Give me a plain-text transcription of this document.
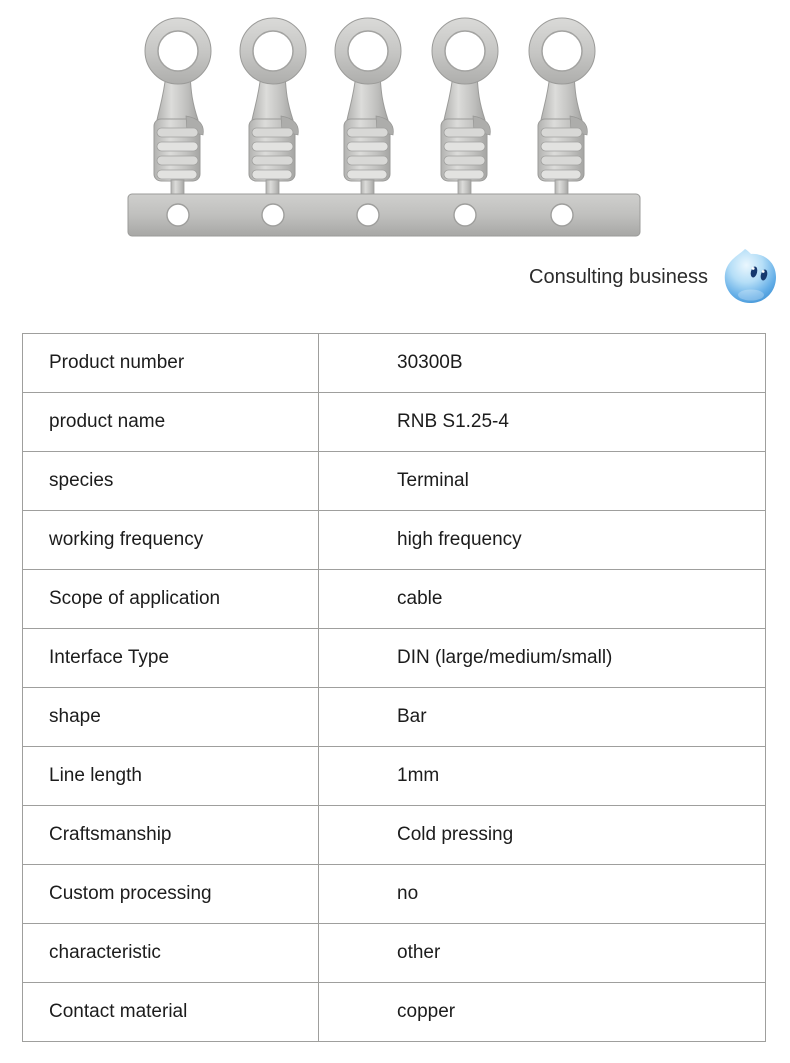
Consulting business
Product number	30300B
product name	RNB S1.25-4
species	Terminal
working frequency	high frequency
Scope of application	cable
Interface Type	DIN (large/medium/small)
shape	Bar
Line length	1mm
Craftsmanship	Cold pressing
Custom processing	no
characteristic	other
Contact material	copper
